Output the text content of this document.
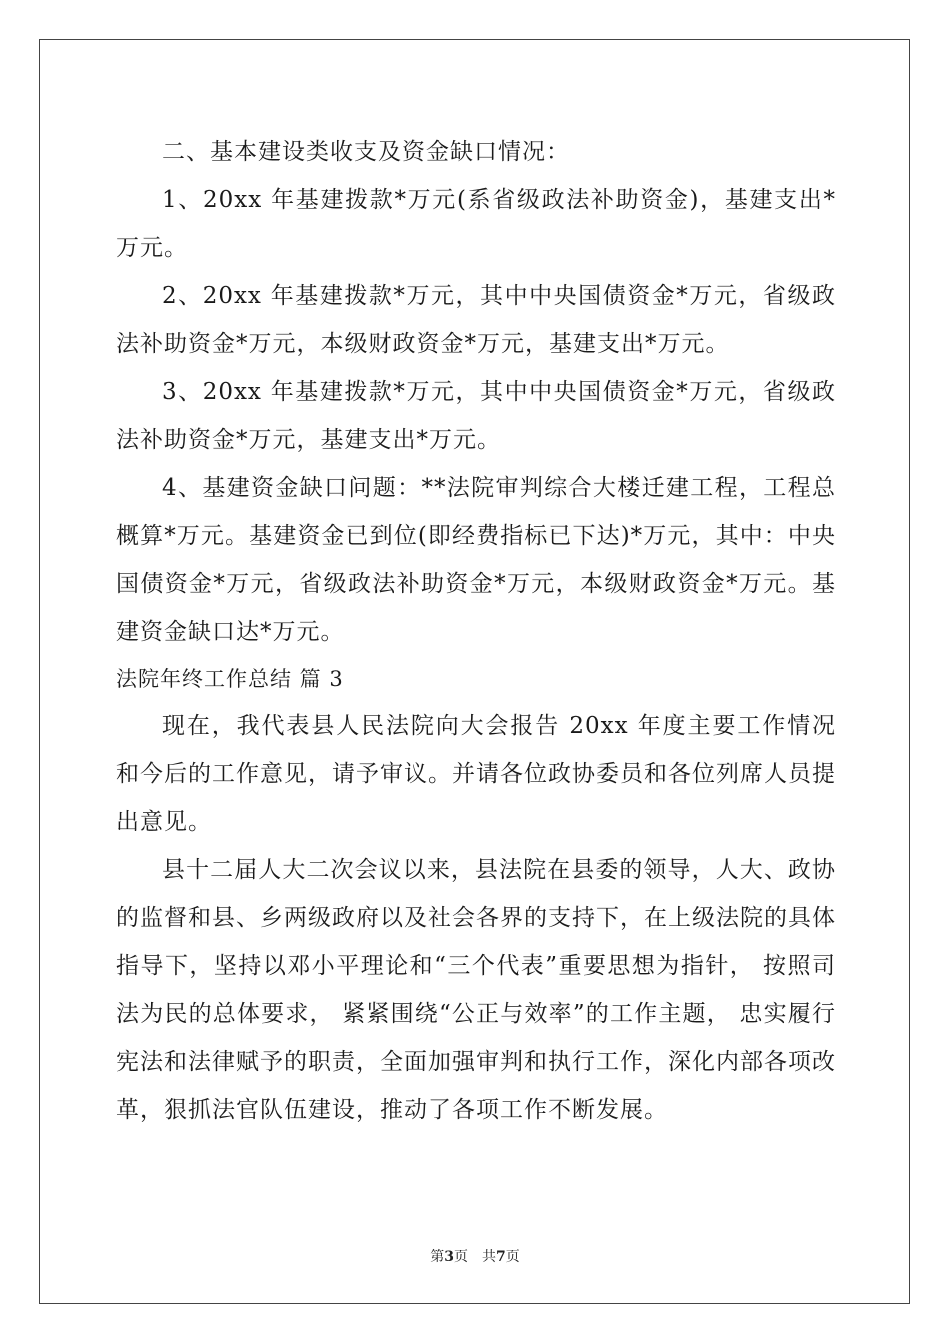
二、基本建设类收支及资金缺口情况：

1、20xx 年基建拨款*万元(系省级政法补助资金)，基建支出*万元。

2、20xx 年基建拨款*万元，其中中央国债资金*万元，省级政法补助资金*万元，本级财政资金*万元，基建支出*万元。

3、20xx 年基建拨款*万元，其中中央国债资金*万元，省级政法补助资金*万元，基建支出*万元。

4、基建资金缺口问题：**法院审判综合大楼迁建工程，工程总概算*万元。基建资金已到位(即经费指标已下达)*万元，其中：中央国债资金*万元，省级政法补助资金*万元，本级财政资金*万元。基建资金缺口达*万元。

法院年终工作总结 篇 3

现在，我代表县人民法院向大会报告 20xx 年度主要工作情况和今后的工作意见，请予审议。并请各位政协委员和各位列席人员提出意见。

县十二届人大二次会议以来，县法院在县委的领导，人大、政协的监督和县、乡两级政府以及社会各界的支持下，在上级法院的具体指导下，坚持以邓小平理论和“三个代表”重要思想为指针， 按照司法为民的总体要求， 紧紧围绕“公正与效率”的工作主题， 忠实履行宪法和法律赋予的职责，全面加强审判和执行工作，深化内部各项改革，狠抓法官队伍建设，推动了各项工作不断发展。

第3页　共7页
